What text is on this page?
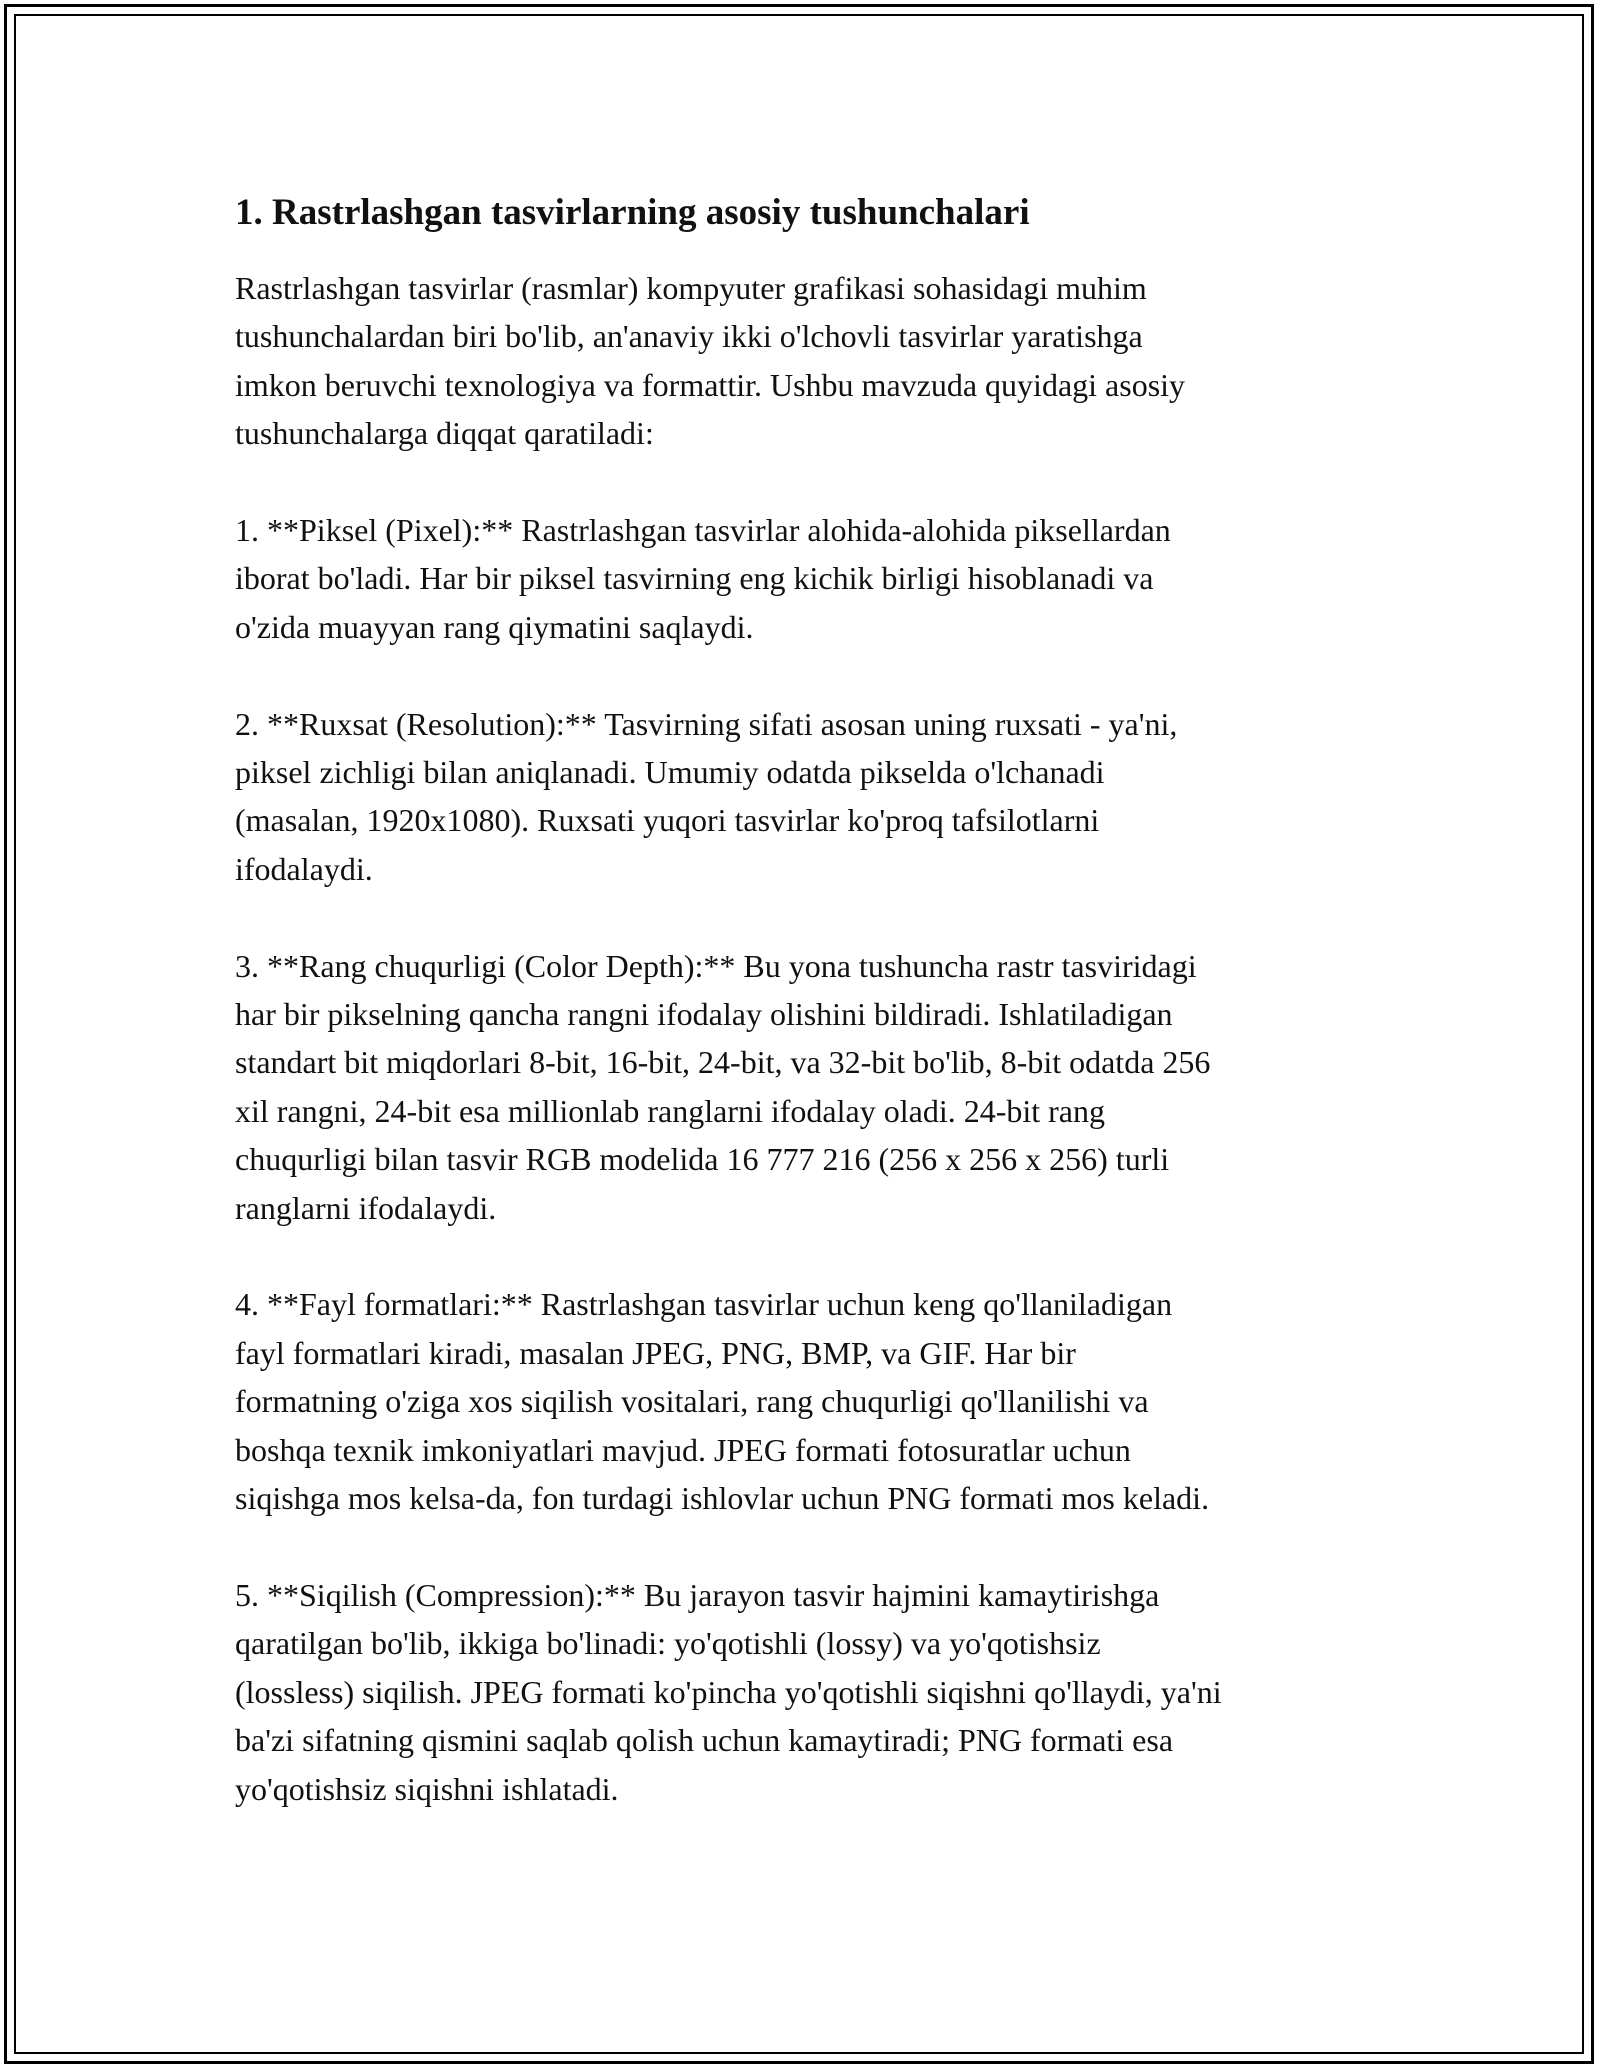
1. Rastrlashgan tasvirlarning asosiy tushunchalari

Rastrlashgan tasvirlar (rasmlar) kompyuter grafikasi sohasidagi muhim
tushunchalardan biri bo'lib, an'anaviy ikki o'lchovli tasvirlar yaratishga
imkon beruvchi texnologiya va formattir. Ushbu mavzuda quyidagi asosiy
tushunchalarga diqqat qaratiladi:

1. **Piksel (Pixel):** Rastrlashgan tasvirlar alohida-alohida piksellardan
iborat bo'ladi. Har bir piksel tasvirning eng kichik birligi hisoblanadi va
o'zida muayyan rang qiymatini saqlaydi.

2. **Ruxsat (Resolution):** Tasvirning sifati asosan uning ruxsati - ya'ni,
piksel zichligi bilan aniqlanadi. Umumiy odatda pikselda o'lchanadi
(masalan, 1920x1080). Ruxsati yuqori tasvirlar ko'proq tafsilotlarni
ifodalaydi.

3. **Rang chuqurligi (Color Depth):** Bu yona tushuncha rastr tasviridagi
har bir pikselning qancha rangni ifodalay olishini bildiradi. Ishlatiladigan
standart bit miqdorlari 8-bit, 16-bit, 24-bit, va 32-bit bo'lib, 8-bit odatda 256
xil rangni, 24-bit esa millionlab ranglarni ifodalay oladi. 24-bit rang
chuqurligi bilan tasvir RGB modelida 16 777 216 (256 x 256 x 256) turli
ranglarni ifodalaydi.

4. **Fayl formatlari:** Rastrlashgan tasvirlar uchun keng qo'llaniladigan
fayl formatlari kiradi, masalan JPEG, PNG, BMP, va GIF. Har bir
formatning o'ziga xos siqilish vositalari, rang chuqurligi qo'llanilishi va
boshqa texnik imkoniyatlari mavjud. JPEG formati fotosuratlar uchun
siqishga mos kelsa-da, fon turdagi ishlovlar uchun PNG formati mos keladi.

5. **Siqilish (Compression):** Bu jarayon tasvir hajmini kamaytirishga
qaratilgan bo'lib, ikkiga bo'linadi: yo'qotishli (lossy) va yo'qotishsiz
(lossless) siqilish. JPEG formati ko'pincha yo'qotishli siqishni qo'llaydi, ya'ni
ba'zi sifatning qismini saqlab qolish uchun kamaytiradi; PNG formati esa
yo'qotishsiz siqishni ishlatadi.
